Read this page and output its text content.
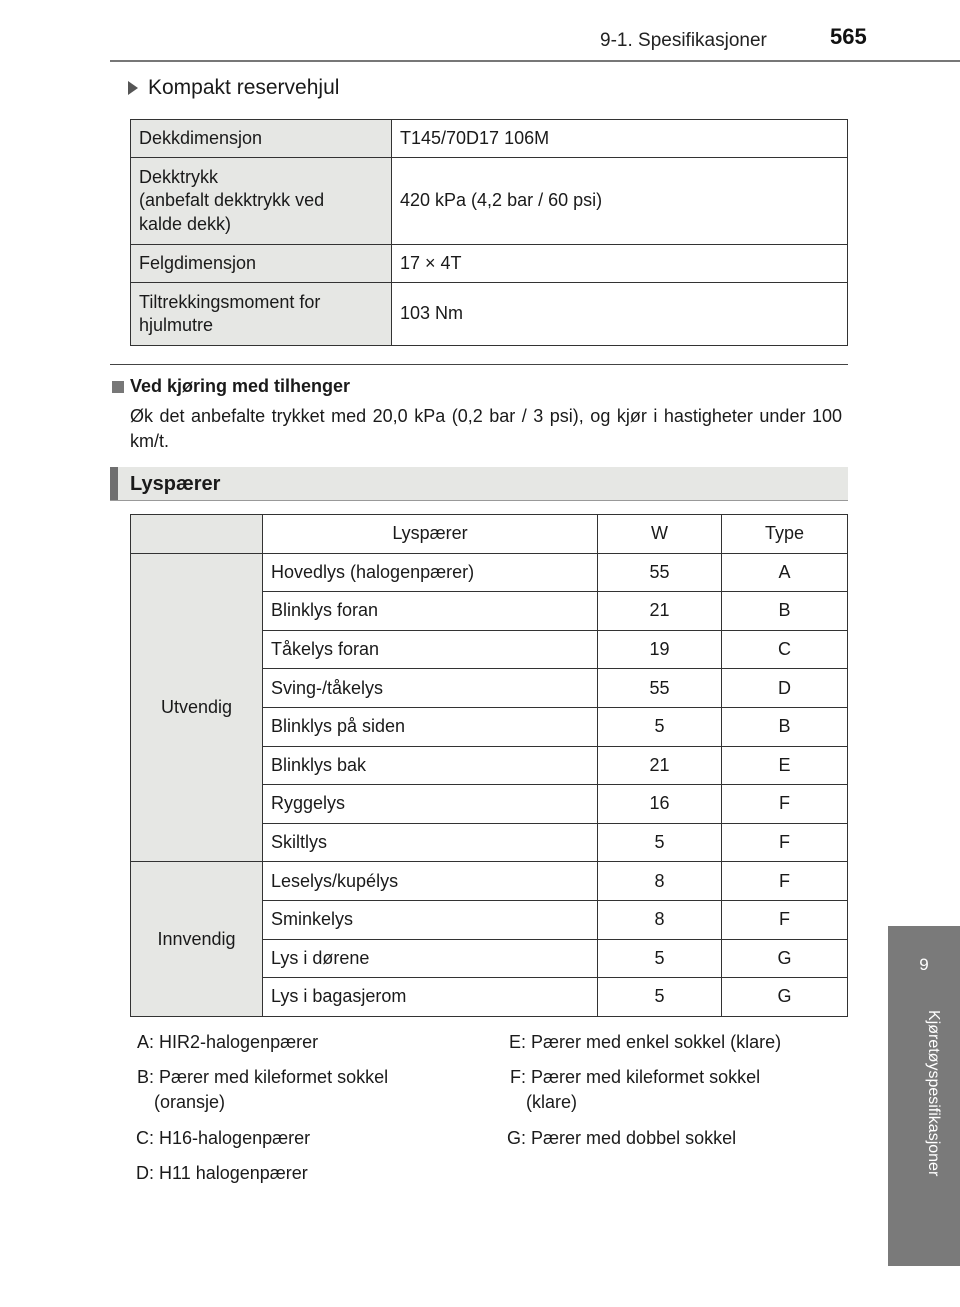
9-1. Spesifikasjoner	565
9
Kjøretøyspesifikasjoner
Kompakt reservehjul
Dekkdimensjon	T145/70D17 106M
Dekktrykk
(anbefalt dekktrykk ved
kalde dekk)	420 kPa (4,2 bar / 60 psi)
Felgdimensjon	17 × 4T
Tiltrekkingsmoment for
hjulmutre	103 Nm
Ved kjøring med tilhenger
Øk det anbefalte trykket med 20,0 kPa (0,2 bar / 3 psi), og kjør i hastigheter under 100 km/t.
Lyspærer
	Lyspærer	W	Type
Utvendig	Hovedlys (halogenpærer)	55	A
	Blinklys foran	21	B
	Tåkelys foran	19	C
	Sving-/tåkelys	55	D
	Blinklys på siden	5	B
	Blinklys bak	21	E
	Ryggelys	16	F
	Skiltlys	5	F
Innvendig	Leselys/kupélys	8	F
	Sminkelys	8	F
	Lys i dørene	5	G
	Lys i bagasjerom	5	G
A: HIR2-halogenpærer
B: Pærer med kileformet sokkel
(oransje)
C: H16-halogenpærer
D: H11 halogenpærer
E: Pærer med enkel sokkel (klare)
F: Pærer med kileformet sokkel
(klare)
G: Pærer med dobbel sokkel
